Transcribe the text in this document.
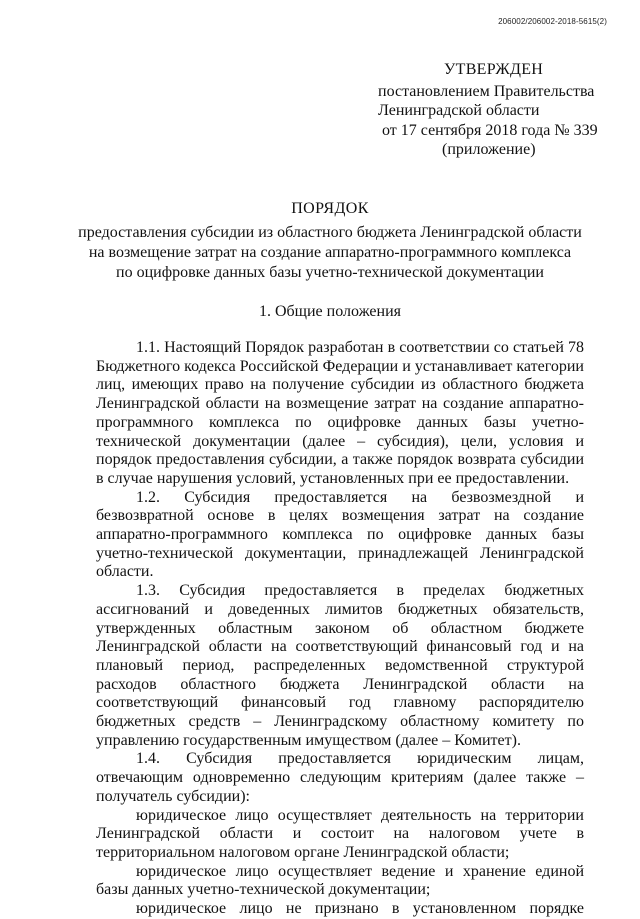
206002/206002-2018-5615(2)
УТВЕРЖДЕН
постановлением Правительства
Ленинградской области
от 17 сентября 2018 года № 339
(приложение)
ПОРЯДОК
предоставления субсидии из областного бюджета Ленинградской области
на возмещение затрат на создание аппаратно-программного комплекса
по оцифровке данных базы учетно-технической документации
1. Общие положения

1.1. Настоящий Порядок разработан в соответствии со статьей 78 Бюджетного кодекса Российской Федерации и устанавливает категории лиц, имеющих право на получение субсидии из областного бюджета Ленинградской области на возмещение затрат на создание аппаратно-программного комплекса по оцифровке данных базы учетно-технической документации (далее – субсидия), цели, условия и порядок предоставления субсидии, а также порядок возврата субсидии в случае нарушения условий, установленных при ее предоставлении.

1.2. Субсидия предоставляется на безвозмездной и безвозвратной основе в целях возмещения затрат на создание аппаратно-программного комплекса по оцифровке данных базы учетно-технической документации, принадлежащей Ленинградской области.

1.3. Субсидия предоставляется в пределах бюджетных ассигнований и доведенных лимитов бюджетных обязательств, утвержденных областным законом об областном бюджете Ленинградской области на соответствующий финансовый год и на плановый период, распределенных ведомственной структурой расходов областного бюджета Ленинградской области на соответствующий финансовый год главному распорядителю бюджетных средств – Ленинградскому областному комитету по управлению государственным имуществом (далее – Комитет).

1.4. Субсидия предоставляется юридическим лицам, отвечающим одновременно следующим критериям (далее также – получатель субсидии):

юридическое лицо осуществляет деятельность на территории Ленинградской области и состоит на налоговом учете в территориальном налоговом органе Ленинградской области;

юридическое лицо осуществляет ведение и хранение единой базы данных учетно-технической документации;

юридическое лицо не признано в установленном порядке
